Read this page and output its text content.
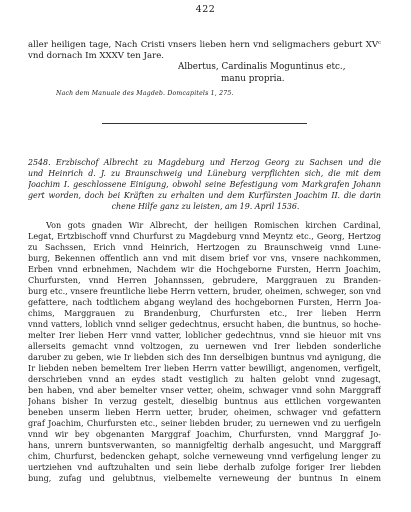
422
aller heiligen tage, Nach Cristi vnsers lieben hern vnd seligmachers geburt XVᶜ
vnd dornach Im XXXV ten Jare.
Albertus, Cardinalis Moguntinus etc.,
manu propria.
Nach dem Manuale des Magdeb. Domcapitels 1, 275.
2548. Erzbischof Albrecht zu Magdeburg und Herzog Georg zu Sachsen und die
und Heinrich d. J. zu Braunschweig und Lüneburg verpflichten sich, die mit dem
Joachim I. geschlossene Einigung, obwohl seine Befestigung vom Markgrafen Johann
gert worden, doch bei Kräften zu erhalten und dem Kurfürsten Joachim II. die darin
chene Hilfe ganz zu leisten, am 19. April 1536.
Von gots gnaden Wir Albrecht, der heiligen Romischen kirchen Cardinal,
Legat, Ertzbischoff vnnd Churfurst zu Magdeburg vnnd Meyntz etc., Georg, Hertzog
zu Sachssen, Erich vnnd Heinrich, Hertzogen zu Braunschweig vnnd Lune-
burg, Bekennen offentlich ann vnd mit disem brief vor vns, vnsere nachkommen,
Erben vnnd erbnehmen, Nachdem wir die Hochgeborne Fursten, Herrn Joachim,
Churfursten, vnnd Herren Johannssen, gebrudere, Marggrauen zu Branden-
burg etc., vnsere freuntliche liebe Herrn vettern, bruder, oheimen, schweger, son vnd
gefattere, nach todtlichem abgang weyland des hochgebornen Fursten, Herrn Joa-
chims, Marggrauen zu Brandenburg, Churfursten etc., Irer lieben Herrn
vnnd vatters, loblich vnnd seliger gedechtnus, ersucht haben, die buntnus, so hoche-
melter Irer lieben Herr vnnd vatter, loblicher gedechtnus, vnnd sie hieuor mit vns
allerseits gemacht vnnd voltzogen, zu uernewen vnd Irer liebden sonderliche
daruber zu geben, wie Ir liebden sich des Inn derselbigen buntnus vnd aynigung, die
Ir liebden neben bemeltem Irer lieben Herrn vatter bewilligt, angenomen, verfigelt,
derschrieben vnnd an eydes stadt vestiglich zu halten gelobt vnnd zugesagt,
ben haben, vnd aber bemelter vnser vetter, oheim, schwager vnnd sohn Marggraff
Johans bisher In verzug gestelt, dieselbig buntnus aus ettlichen vorgewanten
beneben unserm lieben Herrn uetter, bruder, oheimen, schwager vnd gefattern
graf Joachim, Churfursten etc., seiner liebden bruder, zu uernewen vnd zu uerfigeln
vnnd wir bey obgenanten Marggraf Joachim, Churfursten, vnnd Marggraf Jo-
hans, unrern buntsverwanten, so mannigfeltig derhalb angesucht, und Marggraff
chim, Churfurst, bedencken gehapt, solche verneweung vnnd verfigelung lenger zu
uertziehen vnd auftzuhalten und sein liebe derhalb zufolge foriger Irer liebden
bung, zufag und gelubtnus, vielbemelte verneweung der buntnus In einem
